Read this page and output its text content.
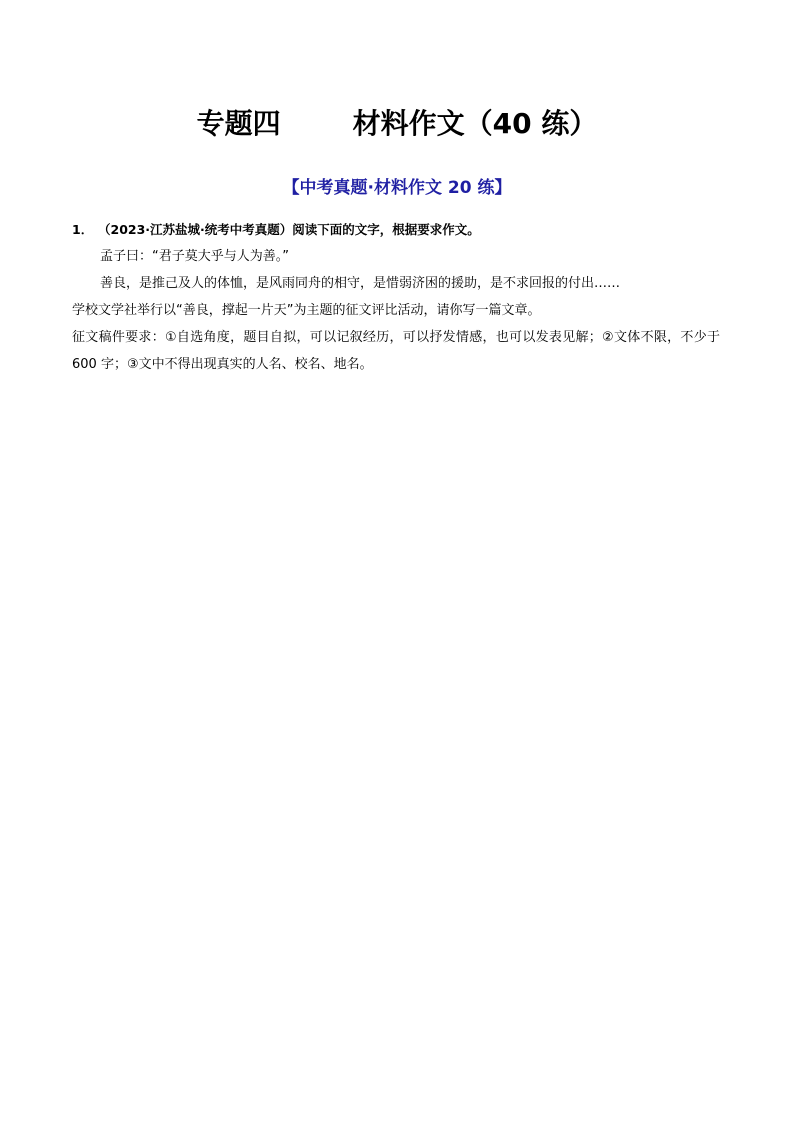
专题四	材料作文（40 练）
【中考真题·材料作文 20 练】
1． （2023·江苏盐城·统考中考真题）阅读下面的文字，根据要求作文。
孟子曰：“君子莫大乎与人为善。”
善良，是推己及人的体恤，是风雨同舟的相守，是惜弱济困的援助，是不求回报的付出……
学校文学社举行以“善良，撑起一片天”为主题的征文评比活动，请你写一篇文章。
征文稿件要求：①自选角度，题目自拟，可以记叙经历，可以抒发情感，也可以发表见解；②文体不限，不少于 600 字；③文中不得出现真实的人名、校名、地名。
